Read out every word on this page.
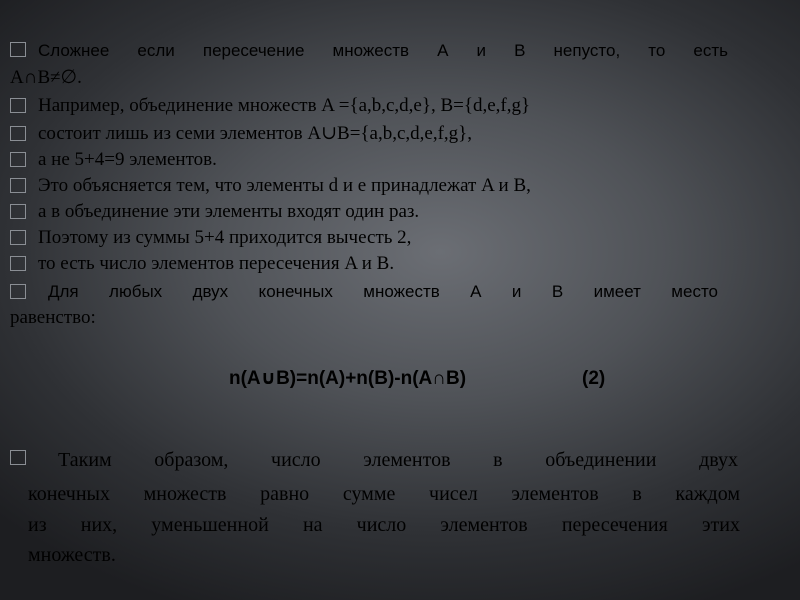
Сложнее если пересечение множеств А и В непусто, то есть
A∩B≠∅.
Например, объединение множеств A ={a,b,c,d,e}, B={d,e,f,g}
состоит лишь из семи элементов A∪B={a,b,c,d,e,f,g},
а не 5+4=9 элементов.
Это объясняется тем, что элементы d и e принадлежат A и B,
а в объединение эти элементы входят один раз.
Поэтому из суммы 5+4 приходится вычесть 2,
то есть число элементов пересечения A и B.
Для любых двух конечных множеств А и В имеет место
равенство:
n(A∪B)=n(A)+n(B)-n(A∩B)	(2)
Таким образом, число элементов в объединении двух
конечных множеств равно сумме чисел элементов в каждом
из них, уменьшенной на число элементов пересечения этих
множеств.
